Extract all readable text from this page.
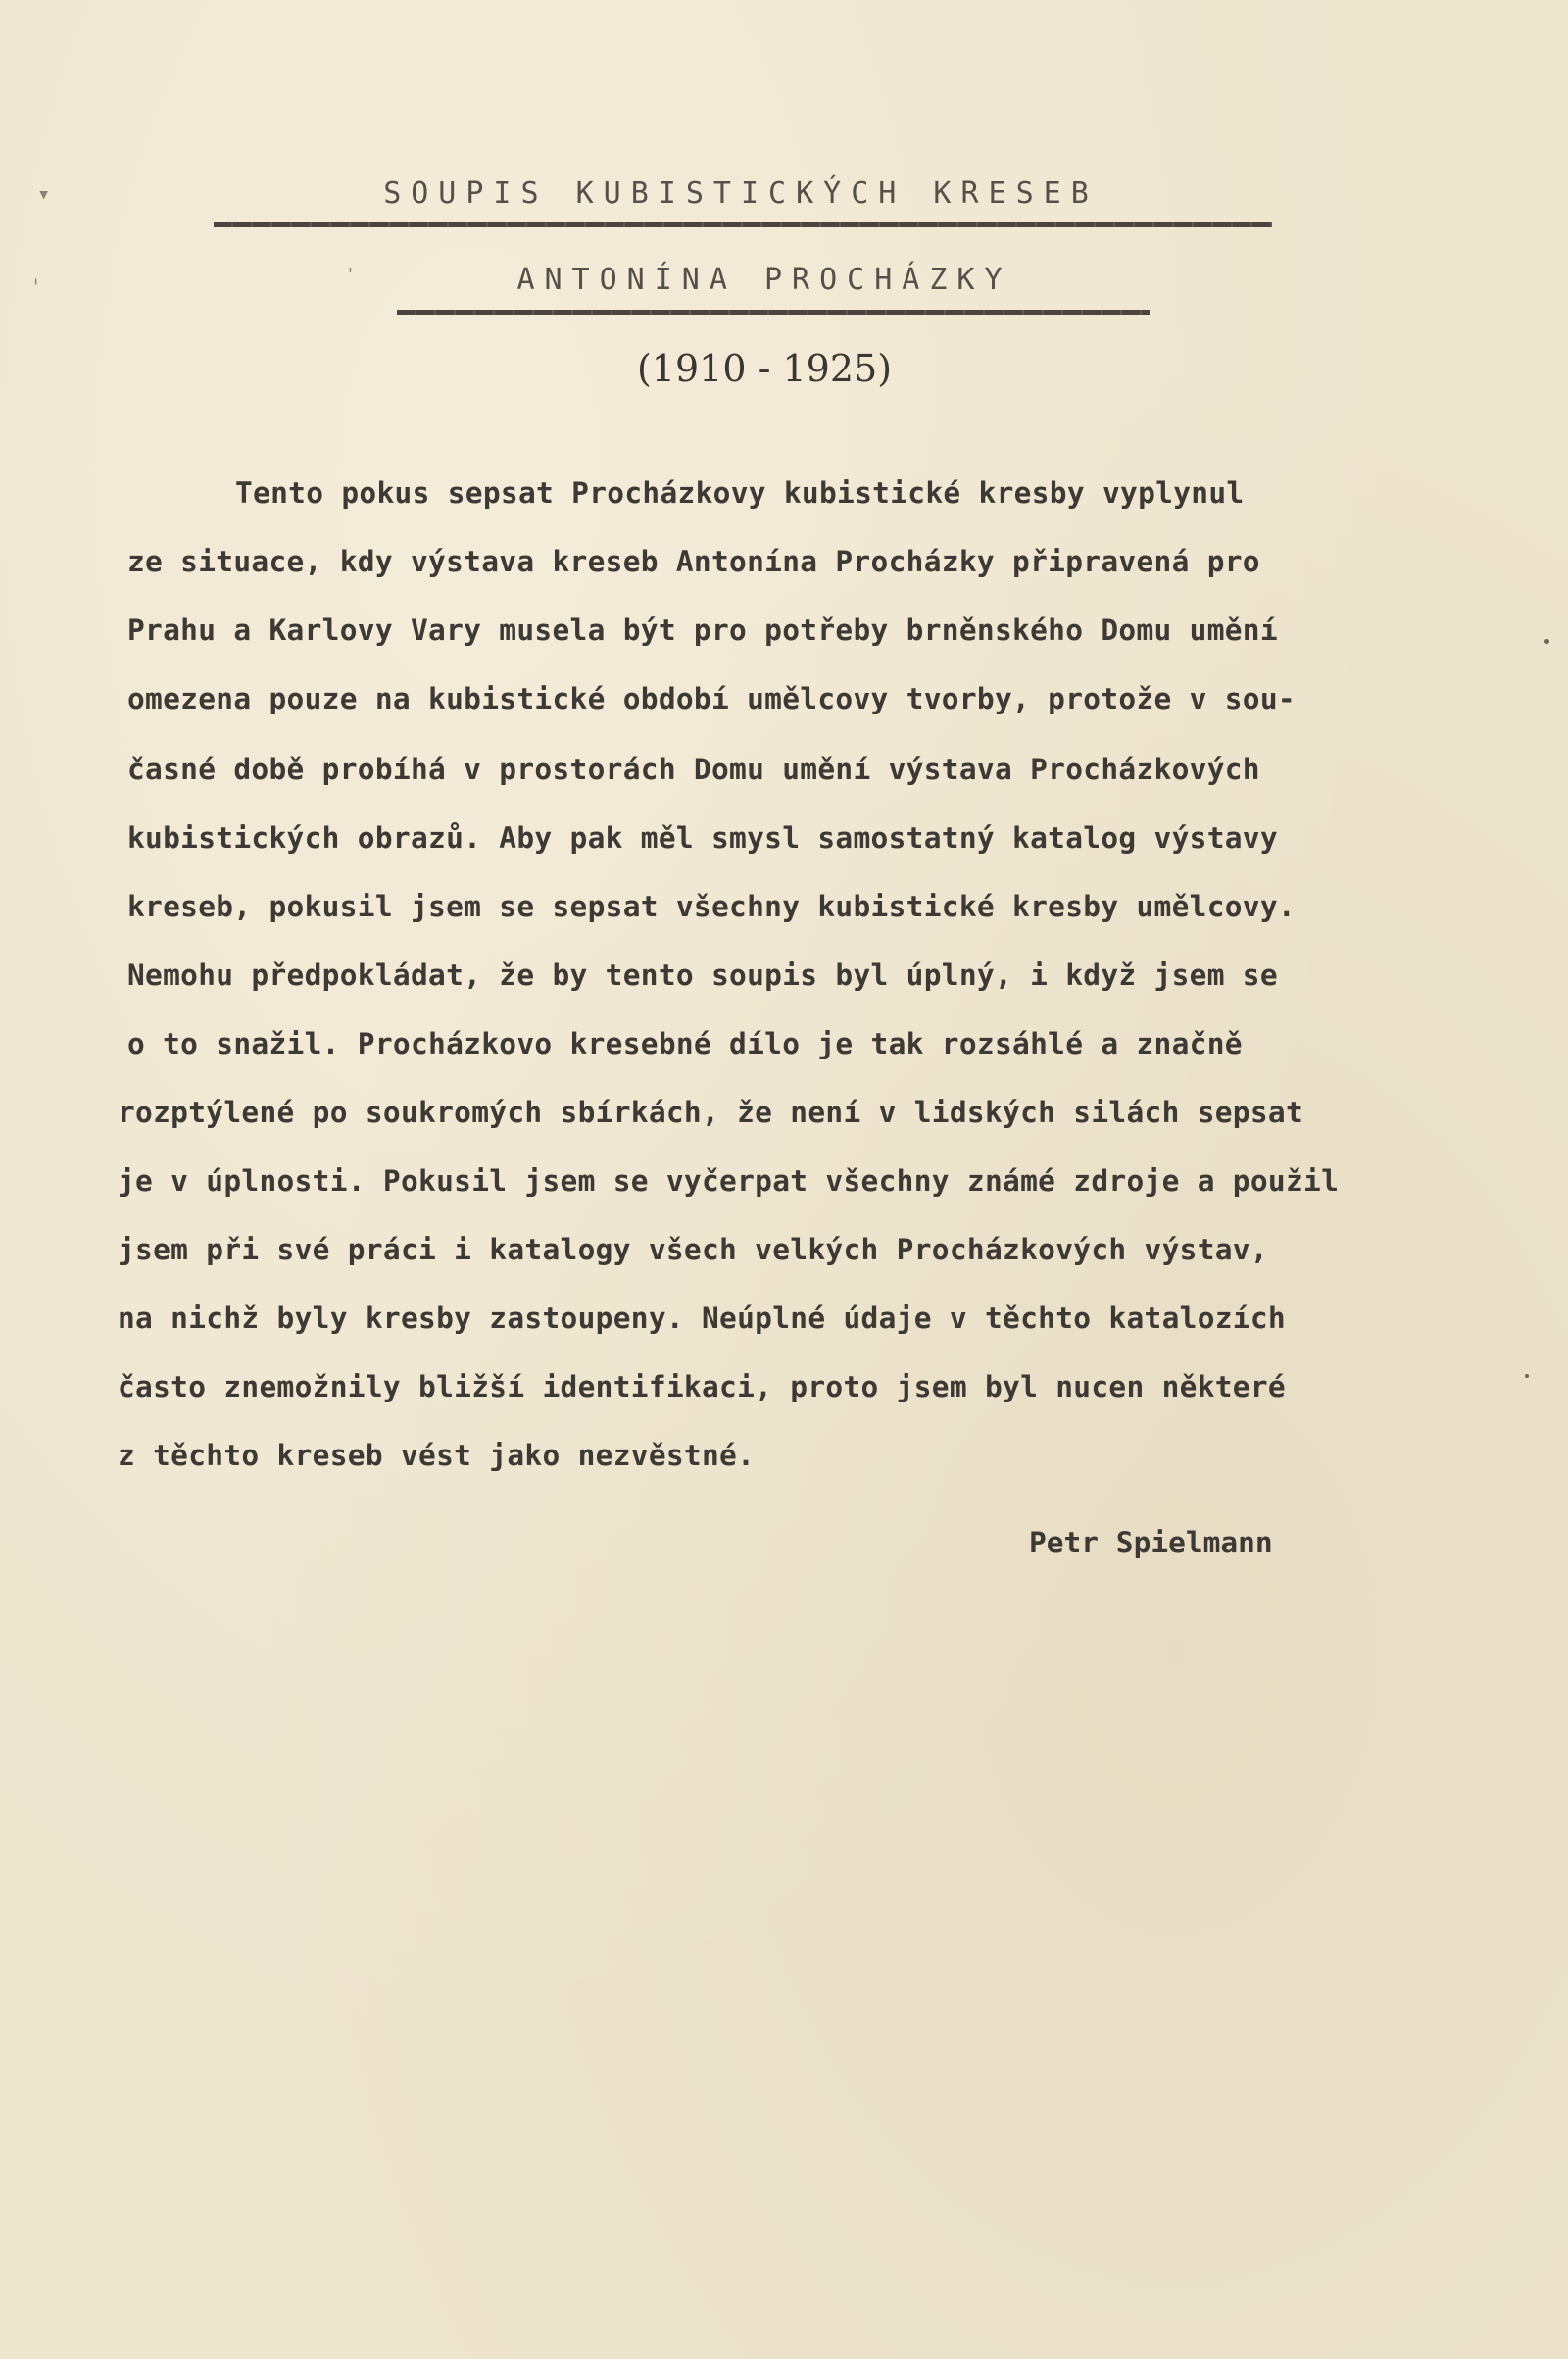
▾
ˌ	'
SOUPIS KUBISTICKÝCH KRESEB
ANTONÍNA PROCHÁZKY
(1910 - 1925)
Tento pokus sepsat Procházkovy kubistické kresby vyplynul
ze situace, kdy výstava kreseb Antonína Procházky připravená pro
Prahu a Karlovy Vary musela být pro potřeby brněnského Domu umění
omezena pouze na kubistické období umělcovy tvorby, protože v sou-
časné době probíhá v prostorách Domu umění výstava Procházkových
kubistických obrazů. Aby pak měl smysl samostatný katalog výstavy
kreseb, pokusil jsem se sepsat všechny kubistické kresby umělcovy.
Nemohu předpokládat, že by tento soupis byl úplný, i když jsem se
o to snažil. Procházkovo kresebné dílo je tak rozsáhlé a značně
rozptýlené po soukromých sbírkách, že není v lidských silách sepsat
je v úplnosti. Pokusil jsem se vyčerpat všechny známé zdroje a použil
jsem při své práci i katalogy všech velkých Procházkových výstav,
na nichž byly kresby zastoupeny. Neúplné údaje v těchto katalozích
často znemožnily bližší identifikaci, proto jsem byl nucen některé
z těchto kreseb vést jako nezvěstné.
Petr Spielmann
